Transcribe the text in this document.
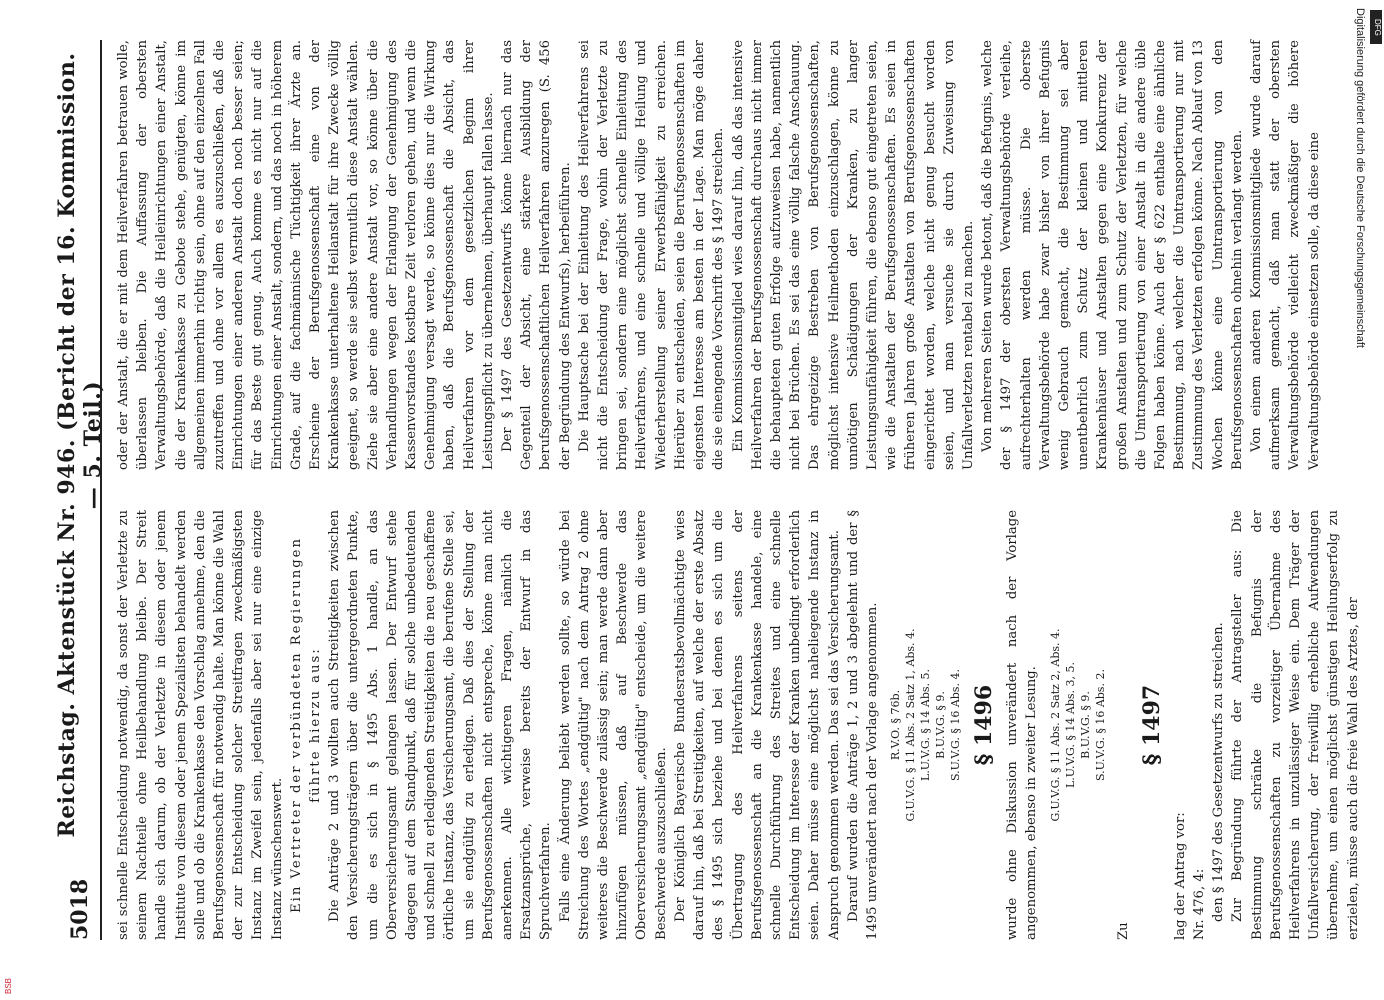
5018
Reichstag. Aktenstück Nr. 946. (Bericht der 16. Kommission. — 5. Teil.)

sei schnelle Entscheidung notwendig, da sonst der Verletzte zu seinem Nachteile ohne Heilbehandlung bleibe. Der Streit handle sich darum, ob der Verletzte in diesem oder jenem Institute von diesem oder jenem Spezialisten behandelt werden solle und ob die Krankenkasse den Vorschlag annehme, den die Berufsgenossenschaft für notwendig halte. Man könne die Wahl der zur Entscheidung solcher Streitfragen zweckmäßigsten Instanz im Zweifel sein, jedenfalls aber sei nur eine einzige Instanz wünschenswert. Ein Vertreter der verbündeten Regierungen führte hierzu aus: Die Anträge 2 und 3 wollten auch Streitigkeiten zwischen den Versicherungsträgern über die untergeordneten Punkte, um die es sich in § 1495 Abs. 1 handle, an das Oberversicherungsamt gelangen lassen. Der Entwurf stehe dagegen auf dem Standpunkt, daß für solche unbedeutenden und schnell zu erledigenden Streitigkeiten die neu geschaffene örtliche Instanz, das Versicherungsamt, die berufene Stelle sei, um sie endgültig zu erledigen. Daß dies der Stellung der Berufsgenossenschaften nicht entspreche, könne man nicht anerkennen. Alle wichtigeren Fragen, nämlich die Ersatzansprüche, verweise bereits der Entwurf in das Spruchverfahren. Falls eine Änderung beliebt werden sollte, so würde bei Streichung des Wortes „endgültig" nach dem Antrag 2 ohne weiteres die Beschwerde zulässig sein; man werde dann aber hinzufügen müssen, daß auf Beschwerde das Oberversicherungsamt „endgültig" entscheide, um die weitere Beschwerde auszuschließen. Der Königlich Bayerische Bundesratsbevollmächtigte wies darauf hin, daß bei Streitigkeiten, auf welche der erste Absatz des § 1495 sich beziehe und bei denen es sich um die Übertragung des Heilverfahrens seitens der Berufsgenossenschaft an die Krankenkasse handele, eine schnelle Durchführung des Streites und eine schnelle Entscheidung im Interesse der Kranken unbedingt erforderlich seien. Daher müsse eine möglichst naheliegende Instanz in Anspruch genommen werden. Das sei das Versicherungsamt. Darauf wurden die Anträge 1, 2 und 3 abgelehnt und der § 1495 unverändert nach der Vorlage angenommen. R.V.O. § 76b. G.U.V.G. § 11 Abs. 2 Satz 1, Abs. 4. L.U.V.G. § 14 Abs. 5. B.U.V.G. § 9. S.U.V.G. § 16 Abs. 4. § 1496 wurde ohne Diskussion unverändert nach der Vorlage angenommen, ebenso in zweiter Lesung. G.U.V.G. § 11 Abs. 2 Satz 2, Abs. 4. L.U.V.G. § 14 Abs. 3, 5. B.U.V.G. § 9. S.U.V.G. § 16 Abs. 2.

Zu

§ 1497

lag der Antrag vor: Nr. 476, 4: den § 1497 des Gesetzentwurfs zu streichen. Zur Begründung führte der Antragsteller aus: Die Bestimmung schränke die Befugnis der Berufsgenossenschaften zu vorzeitiger Übernahme des Heilverfahrens in unzulässiger Weise ein. Dem Träger der Unfallversicherung, der freiwillig erhebliche Aufwendungen übernehme, um einen möglichst günstigen Heilungserfolg zu erzielen, müsse auch die freie Wahl des Arztes, der

oder der Anstalt, die er mit dem Heilverfahren betrauen wolle, überlassen bleiben. Die Auffassung der obersten Verwaltungsbehörde, daß die Heileinrichtungen einer Anstalt, die der Krankenkasse zu Gebote stehe, genügten, könne im allgemeinen immerhin richtig sein, ohne auf den einzelnen Fall zuzutreffen und ohne vor allem es auszuschließen, daß die Einrichtungen einer anderen Anstalt doch noch besser seien; für das Beste gut genug. Auch komme es nicht nur auf die Einrichtungen einer Anstalt, sondern, und das noch in höherem Grade, auf die fachmännische Tüchtigkeit ihrer Ärzte an. Erscheine der Berufsgenossenschaft eine von der Krankenkasse unterhaltene Heilanstalt für ihre Zwecke völlig geeignet, so werde sie selbst vermutlich diese Anstalt wählen. Ziehe sie aber eine andere Anstalt vor, so könne über die Verhandlungen wegen der Erlangung der Genehmigung des Kassenvorstandes kostbare Zeit verloren gehen, und wenn die Genehmigung versagt werde, so könne dies nur die Wirkung haben, daß die Berufsgenossenschaft die Absicht, das Heilverfahren vor dem gesetzlichen Beginn ihrer Leistungspflicht zu übernehmen, überhaupt fallen lasse. Der § 1497 des Gesetzentwurfs könne hiernach nur das Gegenteil der Absicht, eine stärkere Ausbildung der berufsgenossenschaftlichen Heilverfahren anzuregen (S. 456 der Begründung des Entwurfs), herbeiführen. Die Hauptsache bei der Einleitung des Heilverfahrens sei nicht die Entscheidung der Frage, wohin der Verletzte zu bringen sei, sondern eine möglichst schnelle Einleitung des Heilverfahrens, und eine schnelle und völlige Heilung und Wiederherstellung seiner Erwerbsfähigkeit zu erreichen. Hierüber zu entscheiden, seien die Berufsgenossenschaften im eigensten Interesse am besten in der Lage. Man möge daher die sie einengende Vorschrift des § 1497 streichen. Ein Kommissionsmitglied wies darauf hin, daß das intensive Heilverfahren der Berufsgenossenschaft durchaus nicht immer die behaupteten guten Erfolge aufzuweisen habe, namentlich nicht bei Brüchen. Es sei das eine völlig falsche Anschauung. Das ehrgeizige Bestreben von Berufsgenossenschaften, möglichst intensive Heilmethoden einzuschlagen, könne zu unnötigen Schädigungen der Kranken, zu langer Leistungsunfähigkeit führen, die ebenso gut eingetreten seien, wie die Anstalten der Berufsgenossenschaften. Es seien in früheren Jahren große Anstalten von Berufsgenossenschaften eingerichtet worden, welche nicht genug besucht worden seien, und man versuche sie durch Zuweisung von Unfallverletzten rentabel zu machen. Von mehreren Seiten wurde betont, daß die Befugnis, welche der § 1497 der obersten Verwaltungsbehörde verleihe, aufrechterhalten werden müsse. Die oberste Verwaltungsbehörde habe zwar bisher von ihrer Befugnis wenig Gebrauch gemacht, die Bestimmung sei aber unentbehrlich zum Schutz der kleinen und mittleren Krankenhäuser und Anstalten gegen eine Konkurrenz der großen Anstalten und zum Schutz der Verletzten, für welche die Umtransportierung von einer Anstalt in die andere üble Folgen haben könne. Auch der § 622 enthalte eine ähnliche Bestimmung, nach welcher die Umtransportierung nur mit Zustimmung des Verletzten erfolgen könne. Nach Ablauf von 13 Wochen könne eine Umtransportierung von den Berufsgenossenschaften ohnehin verlangt werden. Von einem anderen Kommissionsmitgliede wurde darauf aufmerksam gemacht, daß man statt der obersten Verwaltungsbehörde vielleicht zweckmäßiger die höhere Verwaltungsbehörde einsetzen solle, da diese eine	Digitalisierung gefördert durch die Deutsche Forschungsgemeinschaft DFG
BSB
